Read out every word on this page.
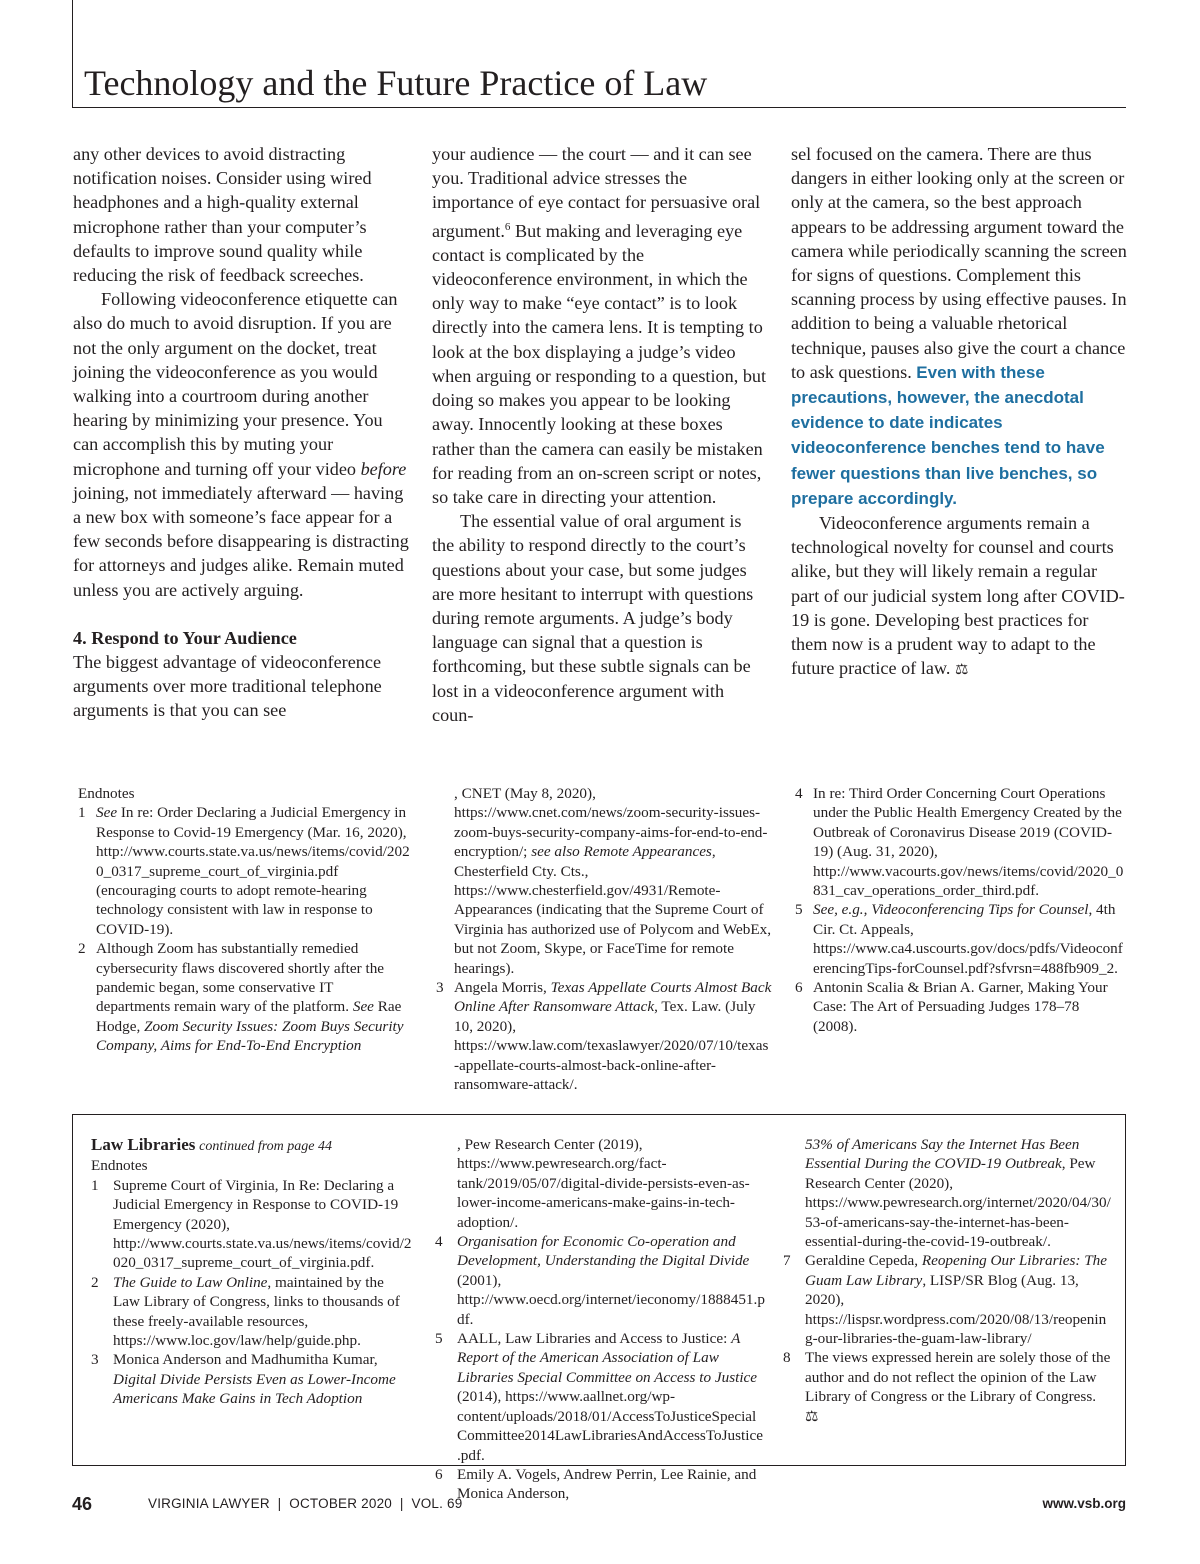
Technology and the Future Practice of Law

any other devices to avoid distracting notification noises. Consider using wired headphones and a high-quality external microphone rather than your computer’s defaults to improve sound quality while reducing the risk of feedback screeches.

Following videoconference etiquette can also do much to avoid disruption. If you are not the only argument on the docket, treat joining the videoconference as you would walking into a courtroom during another hearing by minimizing your presence. You can accomplish this by muting your microphone and turning off your video before joining, not immediately afterward — having a new box with someone’s face appear for a few seconds before disappearing is distracting for attorneys and judges alike. Remain muted unless you are actively arguing.

4. Respond to Your Audience

The biggest advantage of videoconference arguments over more traditional telephone arguments is that you can see

your audience — the court — and it can see you. Traditional advice stresses the importance of eye contact for persuasive oral argument.$^6$ But making and leveraging eye contact is complicated by the videoconference environment, in which the only way to make “eye contact” is to look directly into the camera lens. It is tempting to look at the box displaying a judge’s video when arguing or responding to a question, but doing so makes you appear to be looking away. Innocently looking at these boxes rather than the camera can easily be mistaken for reading from an on-screen script or notes, so take care in directing your attention.

The essential value of oral argument is the ability to respond directly to the court’s questions about your case, but some judges are more hesitant to interrupt with questions during remote arguments. A judge’s body language can signal that a question is forthcoming, but these subtle signals can be lost in a videoconference argument with coun-

sel focused on the camera. There are thus dangers in either looking only at the screen or only at the camera, so the best approach appears to be addressing argument toward the camera while periodically scanning the screen for signs of questions. Complement this scanning process by using effective pauses. In addition to being a valuable rhetorical technique, pauses also give the court a chance to ask questions. Even with these precautions, however, the anecdotal evidence to date indicates videoconference benches tend to have fewer questions than live benches, so prepare accordingly.

Videoconference arguments remain a technological novelty for counsel and courts alike, but they will likely remain a regular part of our judicial system long after COVID-19 is gone. Developing best practices for them now is a prudent way to adapt to the future practice of law. ⚖

Endnotes

1 See In re: Order Declaring a Judicial Emergency in Response to Covid-19 Emergency (Mar. 16, 2020), http://www.courts.state.va.us/news/items/covid/2020_0317_supreme_court_of_virginia.pdf (encouraging courts to adopt remote-hearing technology consistent with law in response to COVID-19).
2 Although Zoom has substantially remedied cybersecurity flaws discovered shortly after the pandemic began, some conservative IT departments remain wary of the platform. See Rae Hodge, Zoom Security Issues: Zoom Buys Security Company, Aims for End-To-End Encryption
, CNET (May 8, 2020), https://www.cnet.com/news/zoom-security-issues-zoom-buys-security-company-aims-for-end-to-end-encryption/; see also Remote Appearances, Chesterfield Cty. Cts., https://www.chesterfield.gov/4931/Remote-Appearances (indicating that the Supreme Court of Virginia has authorized use of Polycom and WebEx, but not Zoom, Skype, or FaceTime for remote hearings).
3 Angela Morris, Texas Appellate Courts Almost Back Online After Ransomware Attack, Tex. Law. (July 10, 2020), https://www.law.com/texaslawyer/2020/07/10/texas-appellate-courts-almost-back-online-after-ransomware-attack/.
4 In re: Third Order Concerning Court Operations under the Public Health Emergency Created by the Outbreak of Coronavirus Disease 2019 (COVID-19) (Aug. 31, 2020), http://www.vacourts.gov/news/items/covid/2020_0831_cav_operations_order_third.pdf.
5 See, e.g., Videoconferencing Tips for Counsel, 4th Cir. Ct. Appeals, https://www.ca4.uscourts.gov/docs/pdfs/VideoconferencingTips-forCounsel.pdf?sfvrsn=488fb909_2.
6 Antonin Scalia & Brian A. Garner, Making Your Case: The Art of Persuading Judges 178–78 (2008).

Law Libraries continued from page 44

Endnotes

1 Supreme Court of Virginia, In Re: Declaring a Judicial Emergency in Response to COVID-19 Emergency (2020), http://www.courts.state.va.us/news/items/covid/2020_0317_supreme_court_of_virginia.pdf.
2 The Guide to Law Online, maintained by the Law Library of Congress, links to thousands of these freely-available resources, https://www.loc.gov/law/help/guide.php.
3 Monica Anderson and Madhumitha Kumar, Digital Divide Persists Even as Lower-Income Americans Make Gains in Tech Adoption
, Pew Research Center (2019), https://www.pewresearch.org/fact-tank/2019/05/07/digital-divide-persists-even-as-lower-income-americans-make-gains-in-tech-adoption/.
4 Organisation for Economic Co-operation and Development, Understanding the Digital Divide (2001), http://www.oecd.org/internet/ieconomy/1888451.pdf.
5 AALL, Law Libraries and Access to Justice: A Report of the American Association of Law Libraries Special Committee on Access to Justice (2014), https://www.aallnet.org/wp-content/uploads/2018/01/AccessToJusticeSpecialCommittee2014LawLibrariesAndAccessToJustice.pdf.
6 Emily A. Vogels, Andrew Perrin, Lee Rainie, and Monica Anderson,
53% of Americans Say the Internet Has Been Essential During the COVID-19 Outbreak, Pew Research Center (2020), https://www.pewresearch.org/internet/2020/04/30/53-of-americans-say-the-internet-has-been-essential-during-the-covid-19-outbreak/.
7 Geraldine Cepeda, Reopening Our Libraries: The Guam Law Library, LISP/SR Blog (Aug. 13, 2020), https://lispsr.wordpress.com/2020/08/13/reopening-our-libraries-the-guam-law-library/
8 The views expressed herein are solely those of the author and do not reflect the opinion of the Law Library of Congress or the Library of Congress. ⚖
46	VIRGINIA LAWYER  |  OCTOBER 2020  |  VOL. 69	www.vsb.org
